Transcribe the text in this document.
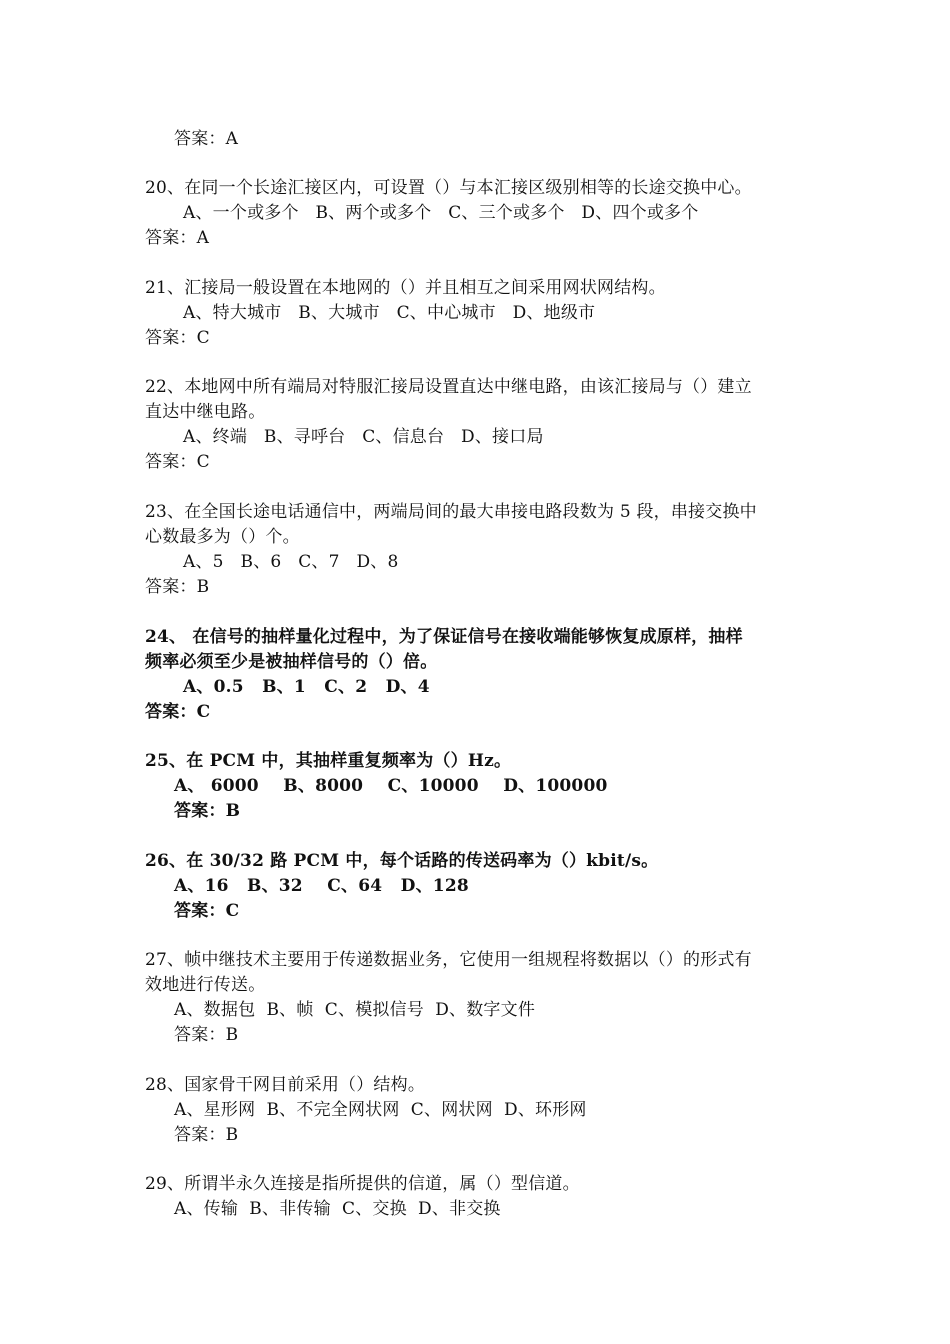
答案：A
20、在同一个长途汇接区内，可设置（）与本汇接区级别相等的长途交换中心。
A、一个或多个   B、两个或多个   C、三个或多个   D、四个或多个
答案：A
21、汇接局一般设置在本地网的（）并且相互之间采用网状网结构。
A、特大城市   B、大城市   C、中心城市   D、地级市
答案：C
22、本地网中所有端局对特服汇接局设置直达中继电路，由该汇接局与（）建立
直达中继电路。
A、终端   B、寻呼台   C、信息台   D、接口局
答案：C
23、在全国长途电话通信中，两端局间的最大串接电路段数为 5 段，串接交换中
心数最多为（）个。
A、5   B、6   C、7   D、8
答案：B
24、 在信号的抽样量化过程中，为了保证信号在接收端能够恢复成原样，抽样
频率必须至少是被抽样信号的（）倍。
A、0.5   B、1   C、2   D、4
答案：C
25、在 PCM 中，其抽样重复频率为（）Hz。
A、 6000    B、8000    C、10000    D、100000
答案：B
26、在 30/32 路 PCM 中，每个话路的传送码率为（）kbit/s。
A、16   B、32    C、64   D、128
答案：C
27、帧中继技术主要用于传递数据业务，它使用一组规程将数据以（）的形式有
效地进行传送。
A、数据包  B、帧  C、模拟信号  D、数字文件
答案：B
28、国家骨干网目前采用（）结构。
A、星形网  B、不完全网状网  C、网状网  D、环形网
答案：B
29、所谓半永久连接是指所提供的信道，属（）型信道。
A、传输  B、非传输  C、交换  D、非交换
